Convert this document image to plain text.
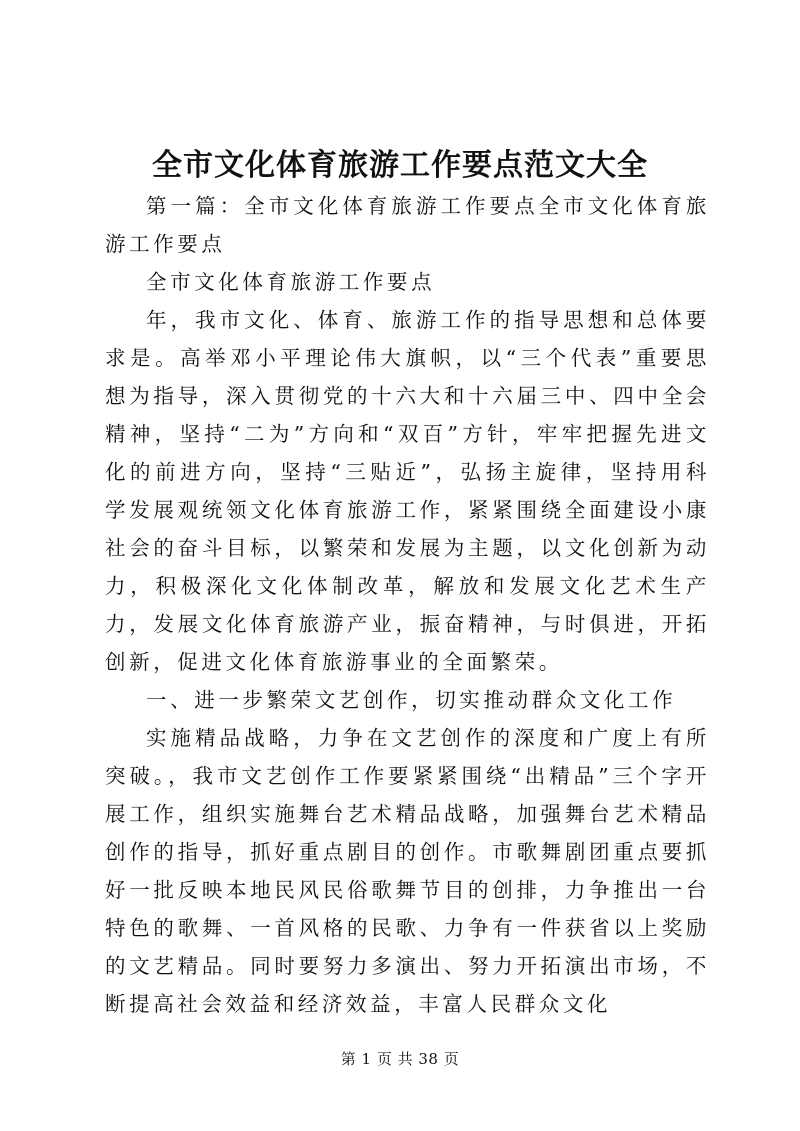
全市文化体育旅游工作要点范文大全

第一篇：全市文化体育旅游工作要点全市文化体育旅游工作要点

全市文化体育旅游工作要点

年，我市文化、体育、旅游工作的指导思想和总体要求是。高举邓小平理论伟大旗帜，以“三个代表”重要思想为指导，深入贯彻党的十六大和十六届三中、四中全会精神，坚持“二为”方向和“双百”方针，牢牢把握先进文化的前进方向，坚持“三贴近”，弘扬主旋律，坚持用科学发展观统领文化体育旅游工作，紧紧围绕全面建设小康社会的奋斗目标，以繁荣和发展为主题，以文化创新为动力，积极深化文化体制改革，解放和发展文化艺术生产力，发展文化体育旅游产业，振奋精神，与时俱进，开拓创新，促进文化体育旅游事业的全面繁荣。

一、进一步繁荣文艺创作，切实推动群众文化工作

实施精品战略，力争在文艺创作的深度和广度上有所突破。，我市文艺创作工作要紧紧围绕“出精品”三个字开展工作，组织实施舞台艺术精品战略，加强舞台艺术精品创作的指导，抓好重点剧目的创作。市歌舞剧团重点要抓好一批反映本地民风民俗歌舞节目的创排，力争推出一台特色的歌舞、一首风格的民歌、力争有一件获省以上奖励的文艺精品。同时要努力多演出、努力开拓演出市场，不断提高社会效益和经济效益，丰富人民群众文化

第 1 页 共 38 页
